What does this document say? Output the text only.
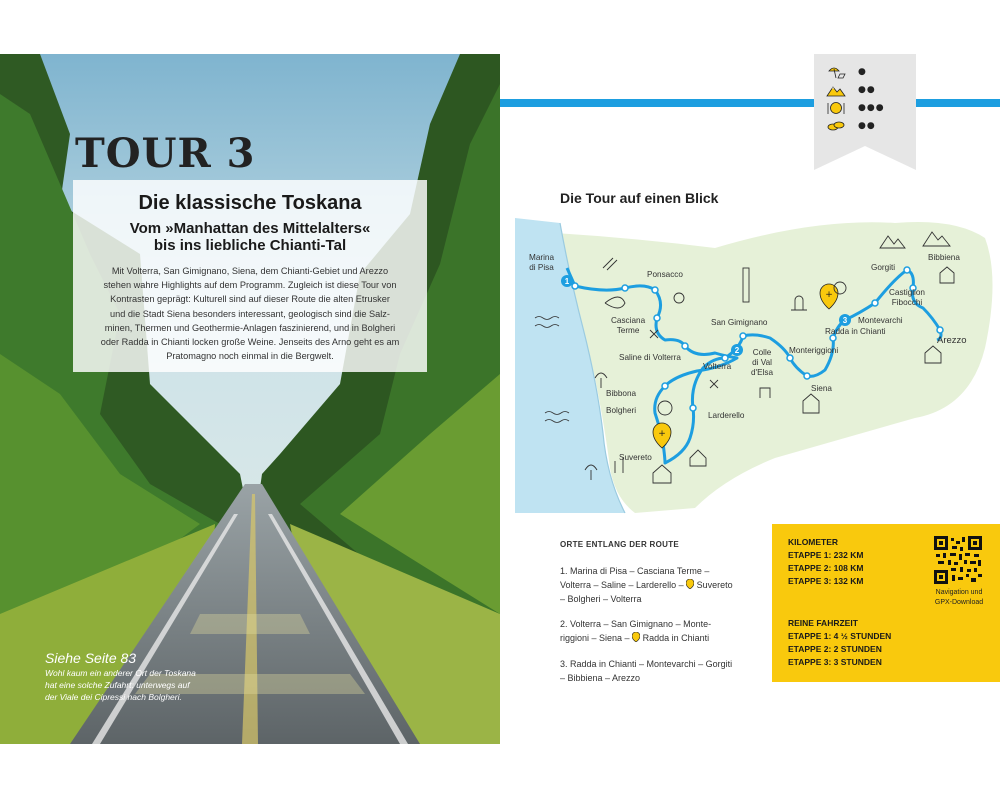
TOUR 3
Die klassische Toskana
Vom »Manhattan des Mittelalters«
bis ins liebliche Chianti-Tal
Mit Volterra, San Gimignano, Siena, dem Chianti-Gebiet und Arezzo
stehen wahre Highlights auf dem Programm. Zugleich ist diese Tour von
Kontrasten geprägt: Kulturell sind auf dieser Route die alten Etrusker
und die Stadt Siena besonders interessant, geologisch sind die Salz-
minen, Thermen und Geothermie-Anlagen faszinierend, und in Bolgheri
oder Radda in Chianti locken große Weine. Jenseits des Arno geht es am
Pratomagno noch einmal in die Bergwelt.
Siehe Seite 83
Wohl kaum ein anderer Ort der Toskana
hat eine solche Zufahrt: unterwegs auf
der Viale dei Cipressi nach Bolgheri.
●
●●
●●●
●●
Die Tour auf einen Blick
1
2
3
+
+
Marina
di Pisa
Ponsacco
Casciana
Terme
Saline di Volterra
Volterra
San Gimignano
Colle
di Val
d'Elsa
Monteriggioni
Siena
Radda in Chianti
Montevarchi
Castiglion
Fibocchi
Gorgiti
Bibbiena
Arezzo
Bibbona
Bolgheri
Larderello
Suvereto
ORTE ENTLANG DER ROUTE
1. Marina di Pisa – Casciana Terme –
Volterra – Saline – Larderello –  Suvereto
– Bolgheri – Volterra
2. Volterra – San Gimignano – Monte-
riggioni – Siena –  Radda in Chianti
3. Radda in Chianti – Montevarchi – Gorgiti
– Bibbiena – Arezzo
KILOMETER
ETAPPE 1: 232 KM
ETAPPE 2: 108 KM
ETAPPE 3: 132 KM
REINE FAHRZEIT
ETAPPE 1: 4 ½ STUNDEN
ETAPPE 2: 2 STUNDEN
ETAPPE 3: 3 STUNDEN
Navigation und
GPX-Download
